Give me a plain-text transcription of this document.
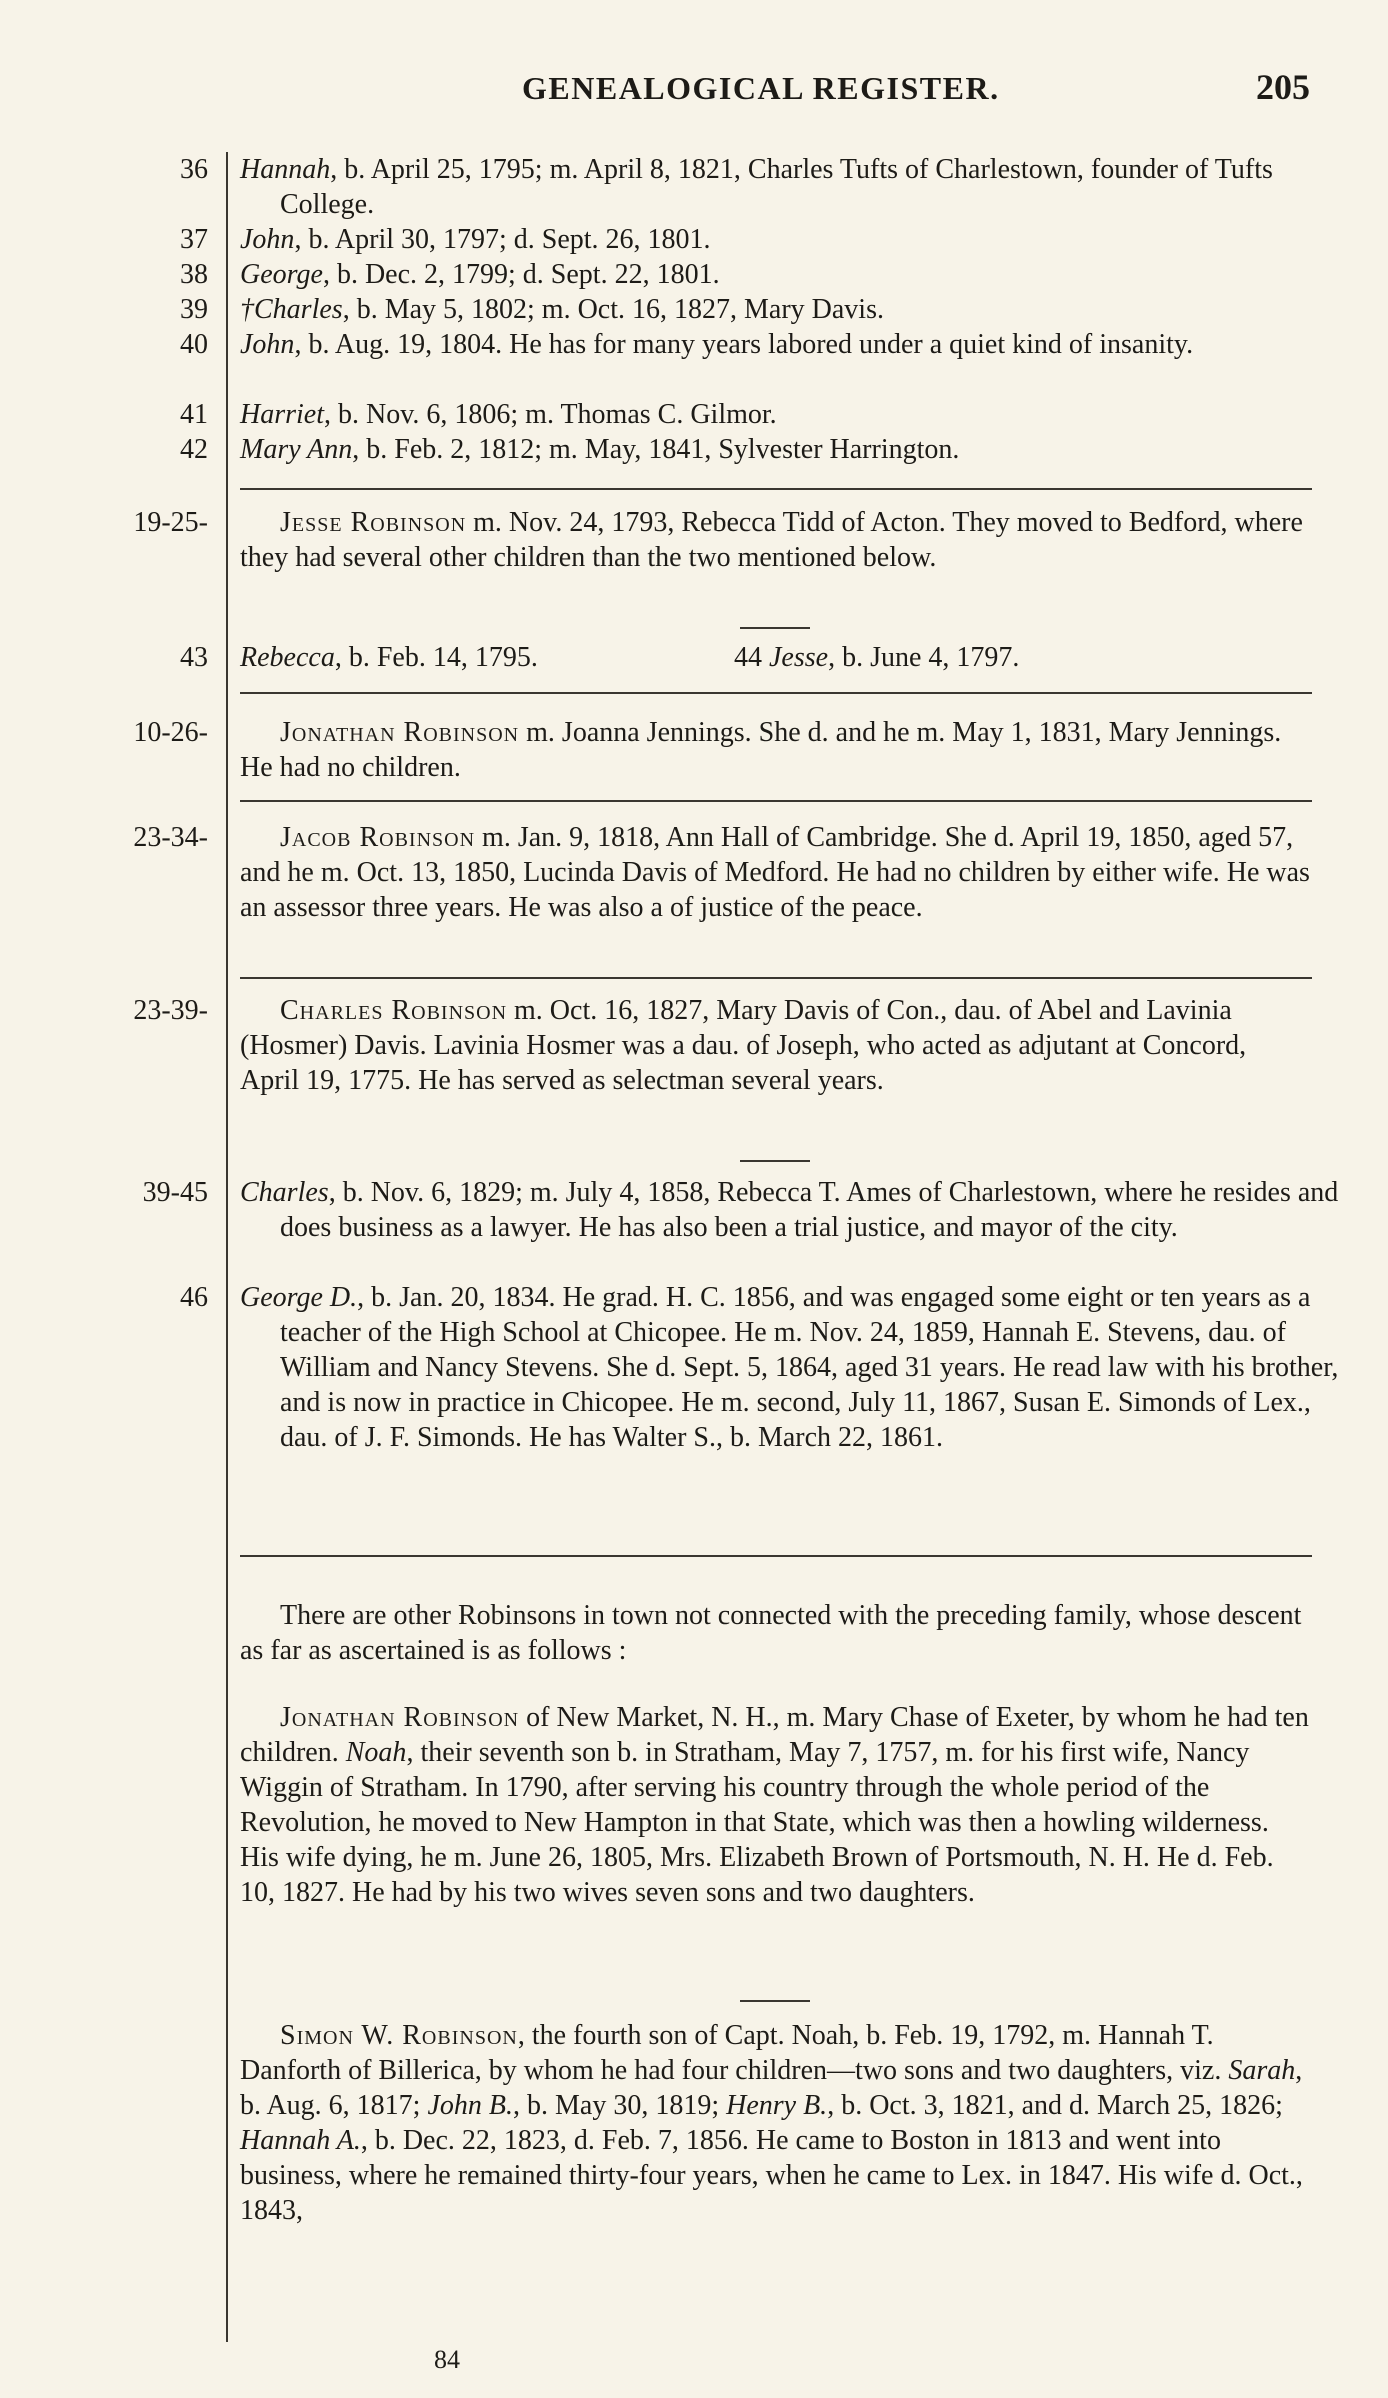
GENEALOGICAL REGISTER.	205
36 Hannah, b. April 25, 1795; m. April 8, 1821, Charles Tufts of Charlestown, founder of Tufts College.
37 John, b. April 30, 1797; d. Sept. 26, 1801.
38 George, b. Dec. 2, 1799; d. Sept. 22, 1801.
39 †Charles, b. May 5, 1802; m. Oct. 16, 1827, Mary Davis.
40 John, b. Aug. 19, 1804. He has for many years labored under a quiet kind of insanity.
41 Harriet, b. Nov. 6, 1806; m. Thomas C. Gilmor.
42 Mary Ann, b. Feb. 2, 1812; m. May, 1841, Sylvester Harrington.
19-25-	Jesse Robinson m. Nov. 24, 1793, Rebecca Tidd of Acton. They moved to Bedford, where they had several other children than the two mentioned below.
43 Rebecca, b. Feb. 14, 1795.	44 Jesse, b. June 4, 1797.
10-26-	Jonathan Robinson m. Joanna Jennings. She d. and he m. May 1, 1831, Mary Jennings. He had no children.
23-34-	Jacob Robinson m. Jan. 9, 1818, Ann Hall of Cambridge. She d. April 19, 1850, aged 57, and he m. Oct. 13, 1850, Lucinda Davis of Medford. He had no children by either wife. He was an assessor three years. He was also a of justice of the peace.
23-39-	Charles Robinson m. Oct. 16, 1827, Mary Davis of Con., dau. of Abel and Lavinia (Hosmer) Davis. Lavinia Hosmer was a dau. of Joseph, who acted as adjutant at Concord, April 19, 1775. He has served as selectman several years.
39-45 Charles, b. Nov. 6, 1829; m. July 4, 1858, Rebecca T. Ames of Charlestown, where he resides and does business as a lawyer. He has also been a trial justice, and mayor of the city.
46 George D., b. Jan. 20, 1834. He grad. H. C. 1856, and was engaged some eight or ten years as a teacher of the High School at Chicopee. He m. Nov. 24, 1859, Hannah E. Stevens, dau. of William and Nancy Stevens. She d. Sept. 5, 1864, aged 31 years. He read law with his brother, and is now in practice in Chicopee. He m. second, July 11, 1867, Susan E. Simonds of Lex., dau. of J. F. Simonds. He has Walter S., b. March 22, 1861.
There are other Robinsons in town not connected with the preceding family, whose descent as far as ascertained is as follows :
Jonathan Robinson of New Market, N. H., m. Mary Chase of Exeter, by whom he had ten children. Noah, their seventh son b. in Stratham, May 7, 1757, m. for his first wife, Nancy Wiggin of Stratham. In 1790, after serving his country through the whole period of the Revolution, he moved to New Hampton in that State, which was then a howling wilderness. His wife dying, he m. June 26, 1805, Mrs. Elizabeth Brown of Portsmouth, N. H. He d. Feb. 10, 1827. He had by his two wives seven sons and two daughters.
Simon W. Robinson, the fourth son of Capt. Noah, b. Feb. 19, 1792, m. Hannah T. Danforth of Billerica, by whom he had four children—two sons and two daughters, viz. Sarah, b. Aug. 6, 1817; John B., b. May 30, 1819; Henry B., b. Oct. 3, 1821, and d. March 25, 1826; Hannah A., b. Dec. 22, 1823, d. Feb. 7, 1856. He came to Boston in 1813 and went into business, where he remained thirty-four years, when he came to Lex. in 1847. His wife d. Oct., 1843,
84
